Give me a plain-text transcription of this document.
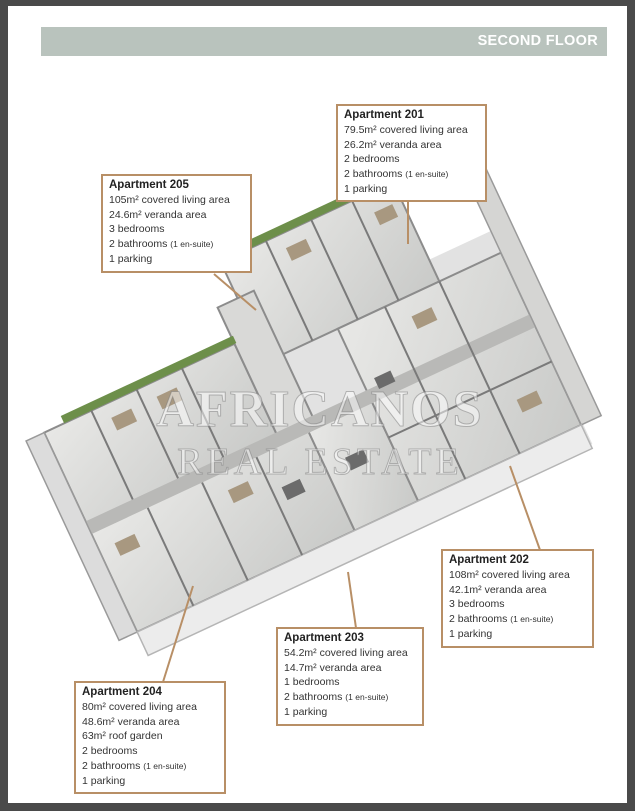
SECOND FLOOR
AFRICANOS
REAL ESTATE
Apartment 201
79.5m² covered living area
26.2m² veranda area
2 bedrooms
2 bathrooms (1 en-suite)
1 parking
Apartment 205
105m² covered living area
24.6m² veranda area
3 bedrooms
2 bathrooms (1 en-suite)
1 parking
Apartment 202
108m² covered living area
42.1m² veranda area
3 bedrooms
2 bathrooms (1 en-suite)
1 parking
Apartment 203
54.2m² covered living area
14.7m² veranda area
1 bedrooms
2 bathrooms (1 en-suite)
1 parking
Apartment 204
80m² covered living area
48.6m² veranda area
63m² roof garden
2 bedrooms
2 bathrooms (1 en-suite)
1 parking
